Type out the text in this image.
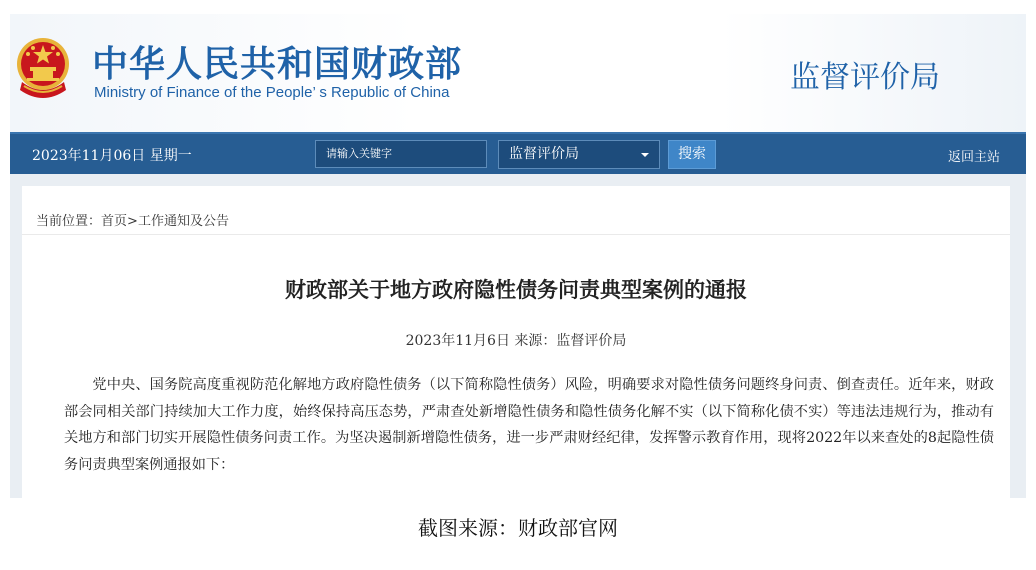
中华人民共和国财政部
Ministry of Finance of the People’ s Republic of China	监督评价局
2023年11月06日 星期一	请输入关键字	监督评价局	搜索	返回主站
当前位置：首页>工作通知及公告
财政部关于地方政府隐性债务问责典型案例的通报
2023年11月6日 来源：监督评价局

党中央、国务院高度重视防范化解地方政府隐性债务（以下简称隐性债务）风险，明确要求对隐性债务问题终身问责、倒查责任。近年来，财政部会同相关部门持续加大工作力度，始终保持高压态势，严肃查处新增隐性债务和隐性债务化解不实（以下简称化债不实）等违法违规行为，推动有关地方和部门切实开展隐性债务问责工作。为坚决遏制新增隐性债务，进一步严肃财经纪律，发挥警示教育作用，现将2022年以来查处的8起隐性债务问责典型案例通报如下：

截图来源：财政部官网
